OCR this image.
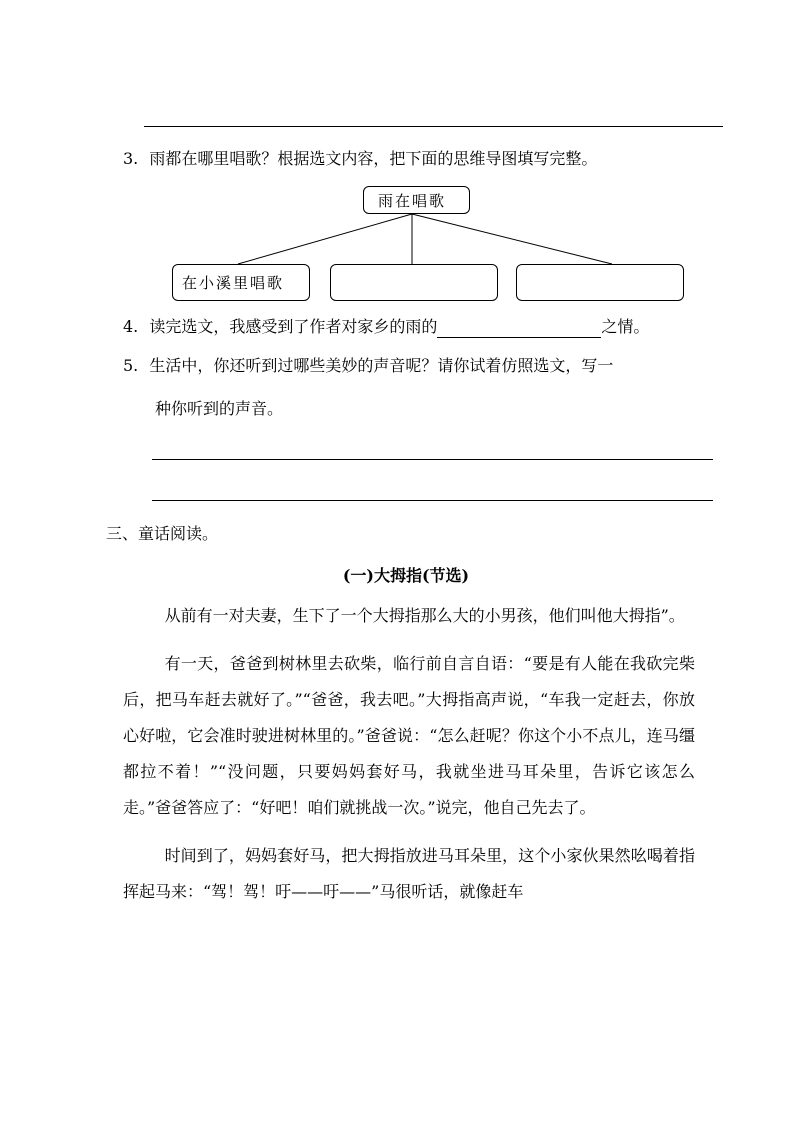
3. 雨都在哪里唱歌？根据选文内容，把下面的思维导图填写完整。
雨在唱歌
在小溪里唱歌
4. 读完选文，我感受到了作者对家乡的雨的	之情。
5. 生活中，你还听到过哪些美妙的声音呢？请你试着仿照选文，写一
种你听到的声音。
三、童话阅读。
(一)大拇指(节选)

从前有一对夫妻，生下了一个大拇指那么大的小男孩，他们叫他大拇指”。

有一天，爸爸到树林里去砍柴，临行前自言自语：“要是有人能在我砍完柴后，把马车赶去就好了。”“爸爸，我去吧。”大拇指高声说，“车我一定赶去，你放心好啦，它会准时驶进树林里的。”爸爸说：“怎么赶呢？你这个小不点儿，连马缰都拉不着！”“没问题，只要妈妈套好马，我就坐进马耳朵里，告诉它该怎么走。”爸爸答应了：“好吧！咱们就挑战一次。”说完，他自己先去了。

时间到了，妈妈套好马，把大拇指放进马耳朵里，这个小家伙果然吆喝着指挥起马来：“驾！驾！吁——吁——”马很听话，就像赶车
